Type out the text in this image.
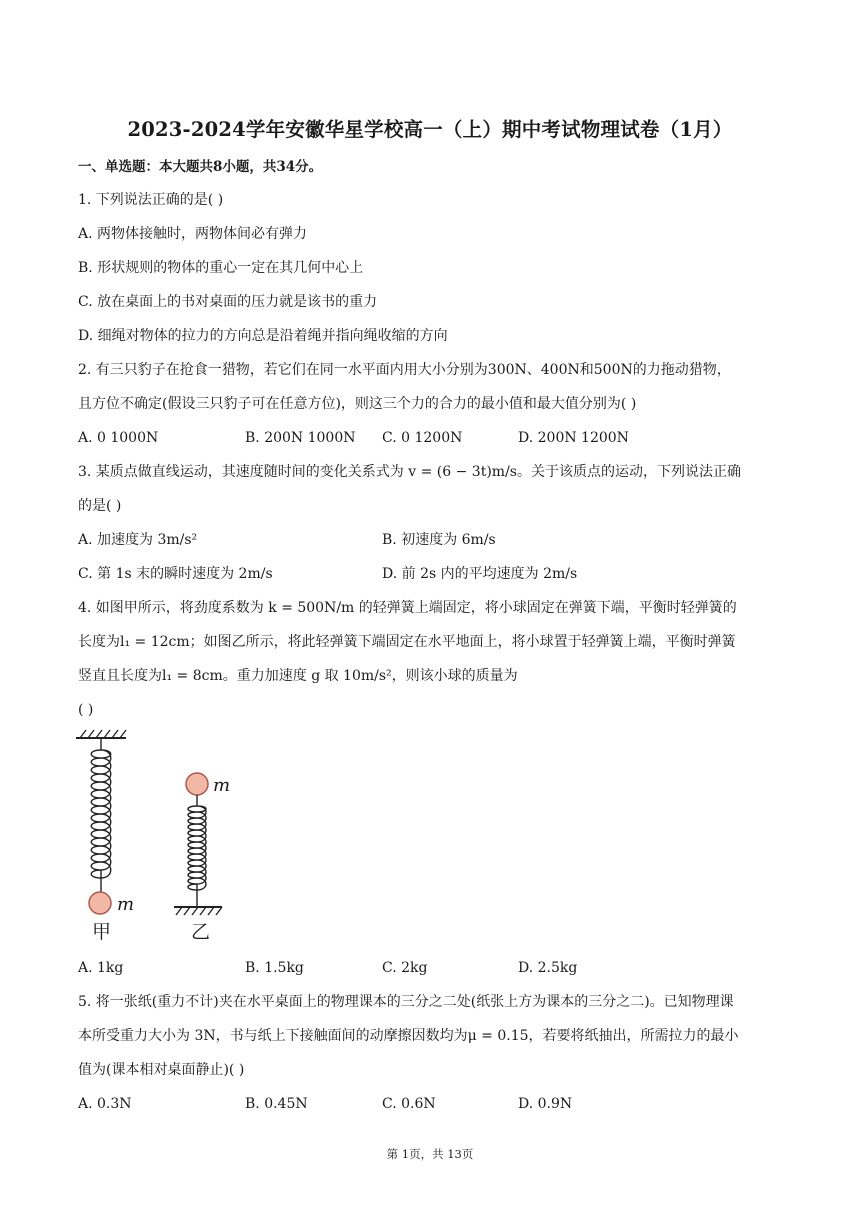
2023-2024学年安徽华星学校高一（上）期中考试物理试卷（1月）
一、单选题：本大题共8小题，共34分。
1. 下列说法正确的是( )
A. 两物体接触时，两物体间必有弹力
B. 形状规则的物体的重心一定在其几何中心上
C. 放在桌面上的书对桌面的压力就是该书的重力
D. 细绳对物体的拉力的方向总是沿着绳并指向绳收缩的方向
2. 有三只豹子在抢食一猎物，若它们在同一水平面内用大小分别为300N、400N和500N的力拖动猎物，
且方位不确定(假设三只豹子可在任意方位)，则这三个力的合力的最小值和最大值分别为( )
A. 0 1000N	B. 200N 1000N C. 0 1200N	D. 200N 1200N
3. 某质点做直线运动，其速度随时间的变化关系式为 v = (6 − 3t)m/s。关于该质点的运动，下列说法正确
的是( )
A. 加速度为 3m/s²	B. 初速度为 6m/s
C. 第 1s 末的瞬时速度为 2m/s	D. 前 2s 内的平均速度为 2m/s
4. 如图甲所示，将劲度系数为 k = 500N/m 的轻弹簧上端固定，将小球固定在弹簧下端，平衡时轻弹簧的
长度为l₁ = 12cm；如图乙所示，将此轻弹簧下端固定在水平地面上，将小球置于轻弹簧上端，平衡时弹簧
竖直且长度为l₁ = 8cm。重力加速度 g 取 10m/s²，则该小球的质量为
( )
m
甲
m
乙
A. 1kg	B. 1.5kg	C. 2kg	D. 2.5kg
5. 将一张纸(重力不计)夹在水平桌面上的物理课本的三分之二处(纸张上方为课本的三分之二)。已知物理课
本所受重力大小为 3N，书与纸上下接触面间的动摩擦因数均为μ = 0.15，若要将纸抽出，所需拉力的最小
值为(课本相对桌面静止)( )
A. 0.3N	B. 0.45N	C. 0.6N	D. 0.9N
第 1页，共 13页
